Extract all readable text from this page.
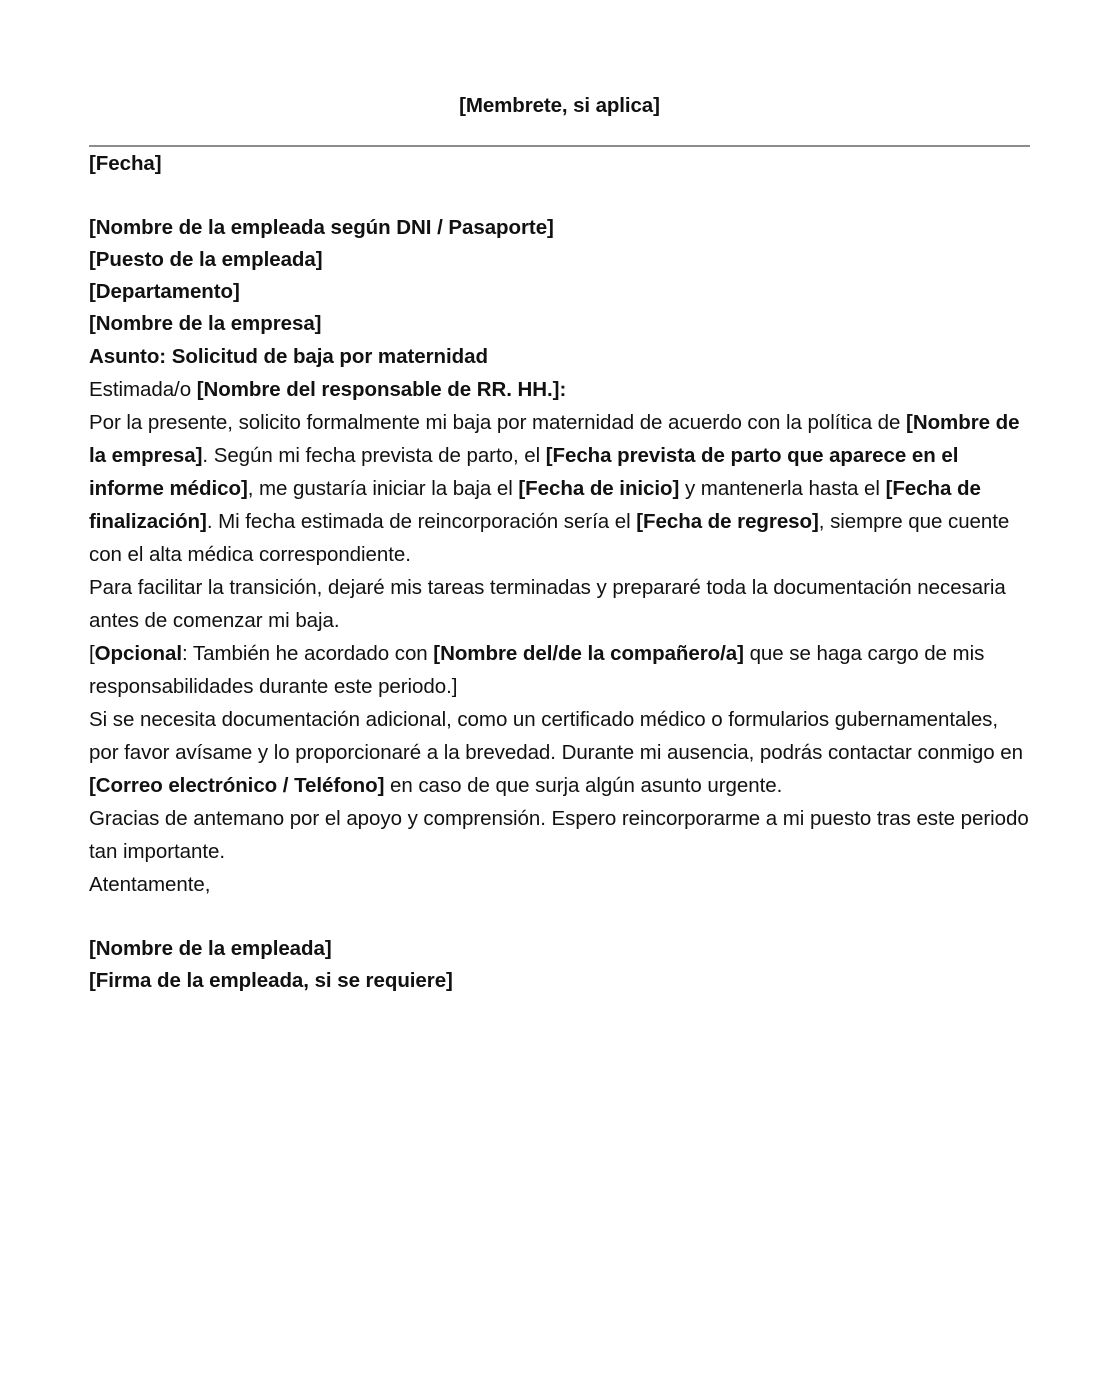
[Membrete, si aplica]

[Fecha]

[Nombre de la empleada según DNI / Pasaporte]

[Puesto de la empleada]

[Departamento]

[Nombre de la empresa]

Asunto: Solicitud de baja por maternidad

Estimada/o [Nombre del responsable de RR. HH.]:

Por la presente, solicito formalmente mi baja por maternidad de acuerdo con la política de [Nombre de la empresa]. Según mi fecha prevista de parto, el [Fecha prevista de parto que aparece en el informe médico], me gustaría iniciar la baja el [Fecha de inicio] y mantenerla hasta el [Fecha de finalización]. Mi fecha estimada de reincorporación sería el [Fecha de regreso], siempre que cuente con el alta médica correspondiente.

Para facilitar la transición, dejaré mis tareas terminadas y prepararé toda la documentación necesaria antes de comenzar mi baja.

[Opcional: También he acordado con [Nombre del/de la compañero/a] que se haga cargo de mis responsabilidades durante este periodo.]

Si se necesita documentación adicional, como un certificado médico o formularios gubernamentales, por favor avísame y lo proporcionaré a la brevedad. Durante mi ausencia, podrás contactar conmigo en [Correo electrónico / Teléfono] en caso de que surja algún asunto urgente.

Gracias de antemano por el apoyo y comprensión. Espero reincorporarme a mi puesto tras este periodo tan importante.

Atentamente,

[Nombre de la empleada]

[Firma de la empleada, si se requiere]
